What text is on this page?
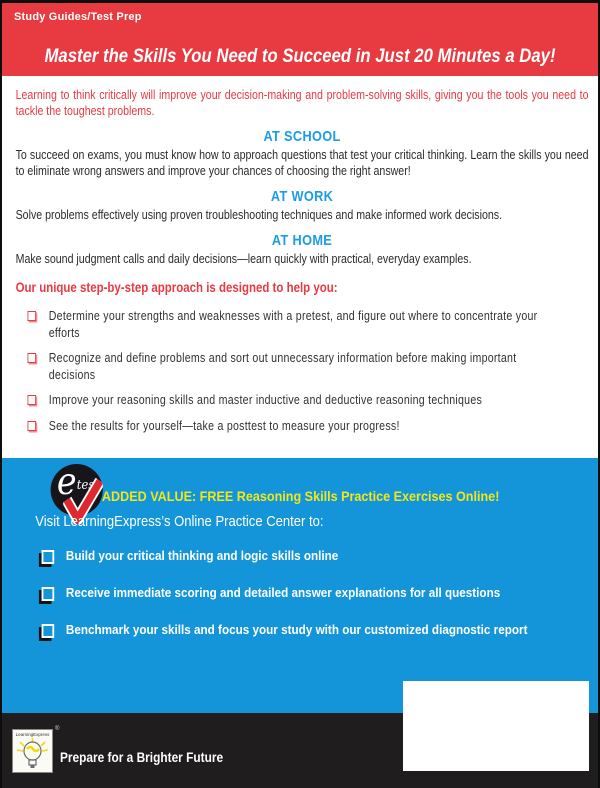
Study Guides/Test Prep
Master the Skills You Need to Succeed in Just 20 Minutes a Day!

Learning to think critically will improve your decision-making and problem-solving skills, giving you the tools you need to tackle the toughest problems.

AT SCHOOL

To succeed on exams, you must know how to approach questions that test your critical thinking. Learn the skills you need to eliminate wrong answers and improve your chances of choosing the right answer!

AT WORK

Solve problems effectively using proven troubleshooting techniques and make informed work decisions.

AT HOME

Make sound judgment calls and daily decisions—learn quickly with practical, everyday examples.

Our unique step-by-step approach is designed to help you:
Determine your strengths and weaknesses with a pretest, and figure out where to concentrate your efforts
Recognize and define problems and sort out unnecessary information before making important decisions
Improve your reasoning skills and master inductive and deductive reasoning techniques
See the results for yourself—take a posttest to measure your progress!
e test
ADDED VALUE: FREE Reasoning Skills Practice Exercises Online!
Visit LearningExpress’s Online Practice Center to:
Build your critical thinking and logic skills online
Receive immediate scoring and detailed answer explanations for all questions
Benchmark your skills and focus your study with our customized diagnostic report
LearningExpress
®
Prepare for a Brighter Future
